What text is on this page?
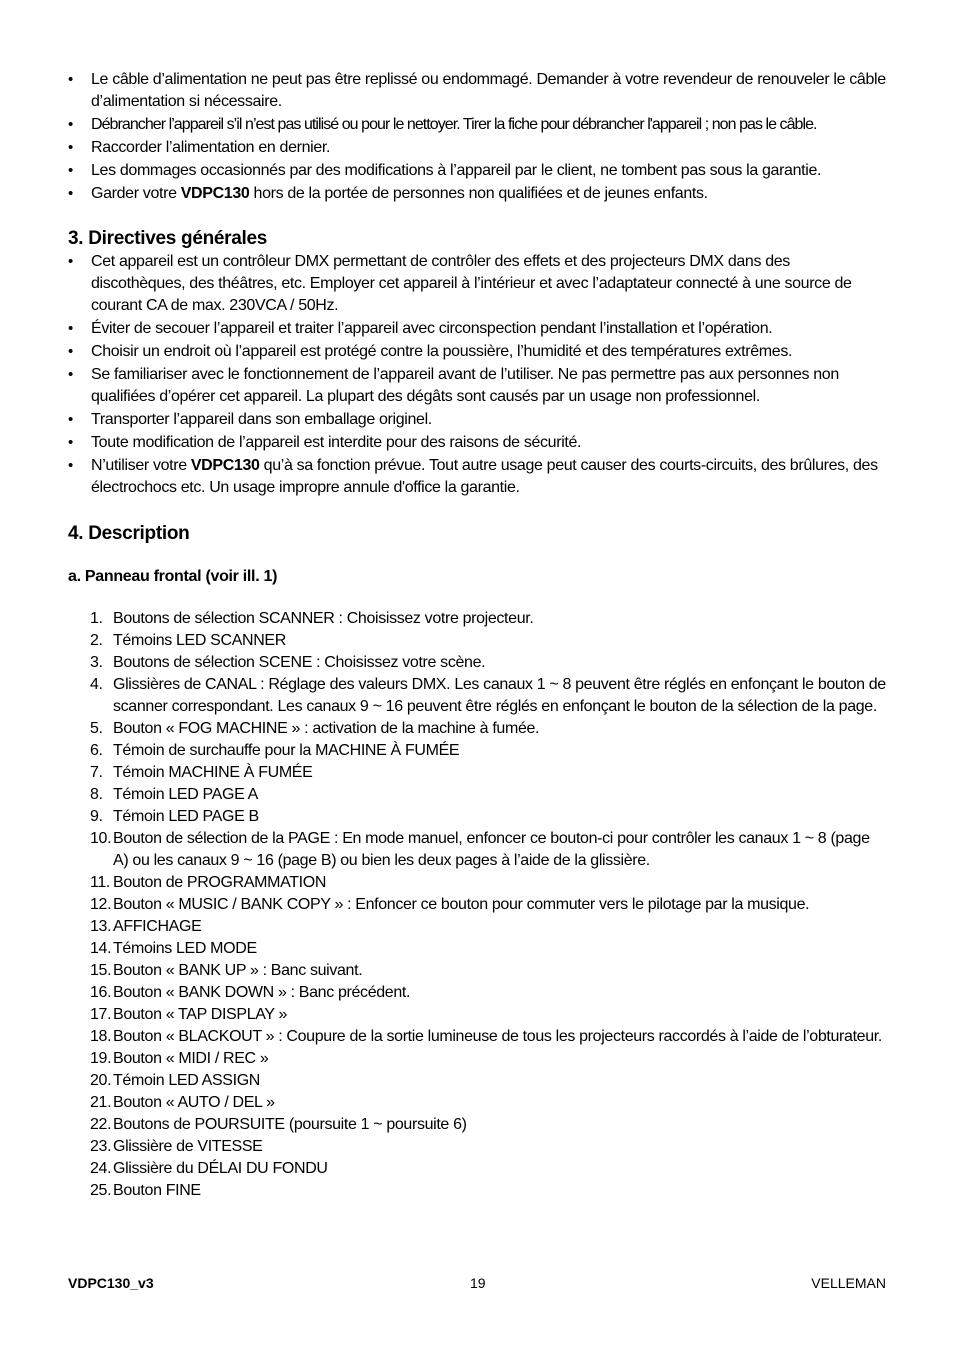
• Le câble d’alimentation ne peut pas être replissé ou endommagé. Demander à votre revendeur de renouveler le câble d’alimentation si nécessaire.
• Débrancher l’appareil s’il n’est pas utilisé ou pour le nettoyer. Tirer la fiche pour débrancher l'appareil ; non pas le câble.
• Raccorder l’alimentation en dernier.
• Les dommages occasionnés par des modifications à l’appareil par le client, ne tombent pas sous la garantie.
• Garder votre VDPC130 hors de la portée de personnes non qualifiées et de jeunes enfants.
3. Directives générales
• Cet appareil est un contrôleur DMX permettant de contrôler des effets et des projecteurs DMX dans des discothèques, des théâtres, etc. Employer cet appareil à l’intérieur et avec l’adaptateur connecté à une source de courant CA de max. 230VCA / 50Hz.
• Éviter de secouer l’appareil et traiter l’appareil avec circonspection pendant l’installation et l’opération.
• Choisir un endroit où l’appareil est protégé contre la poussière, l’humidité et des températures extrêmes.
• Se familiariser avec le fonctionnement de l’appareil avant de l’utiliser. Ne pas permettre pas aux personnes non qualifiées d’opérer cet appareil. La plupart des dégâts sont causés par un usage non professionnel.
• Transporter l’appareil dans son emballage originel.
• Toute modification de l’appareil est interdite pour des raisons de sécurité.
• N’utiliser votre VDPC130 qu’à sa fonction prévue. Tout autre usage peut causer des courts-circuits, des brûlures, des électrochocs etc. Un usage impropre annule d'office la garantie.
4. Description
a. Panneau frontal (voir ill. 1)
1. Boutons de sélection SCANNER : Choisissez votre projecteur.
2. Témoins LED SCANNER
3. Boutons de sélection SCENE : Choisissez votre scène.
4. Glissières de CANAL : Réglage des valeurs DMX. Les canaux 1 ~ 8 peuvent être réglés en enfonçant le bouton de scanner correspondant. Les canaux 9 ~ 16 peuvent être réglés en enfonçant le bouton de la sélection de la page.
5. Bouton « FOG MACHINE » : activation de la machine à fumée.
6. Témoin de surchauffe pour la MACHINE À FUMÉE
7. Témoin MACHINE À FUMÉE
8. Témoin LED PAGE A
9. Témoin LED PAGE B
10. Bouton de sélection de la PAGE : En mode manuel, enfoncer ce bouton-ci pour contrôler les canaux 1 ~ 8 (page A) ou les canaux 9 ~ 16 (page B) ou bien les deux pages à l’aide de la glissière.
11. Bouton de PROGRAMMATION
12. Bouton « MUSIC / BANK COPY » : Enfoncer ce bouton pour commuter vers le pilotage par la musique.
13. AFFICHAGE
14. Témoins LED MODE
15. Bouton « BANK UP » : Banc suivant.
16. Bouton « BANK DOWN » : Banc précédent.
17. Bouton « TAP DISPLAY »
18. Bouton « BLACKOUT » : Coupure de la sortie lumineuse de tous les projecteurs raccordés à l’aide de l’obturateur.
19. Bouton « MIDI / REC »
20. Témoin LED ASSIGN
21. Bouton « AUTO / DEL »
22. Boutons de POURSUITE (poursuite 1 ~ poursuite 6)
23. Glissière de VITESSE
24. Glissière du DÉLAI DU FONDU
25. Bouton FINE
VDPC130_v3	19	VELLEMAN
